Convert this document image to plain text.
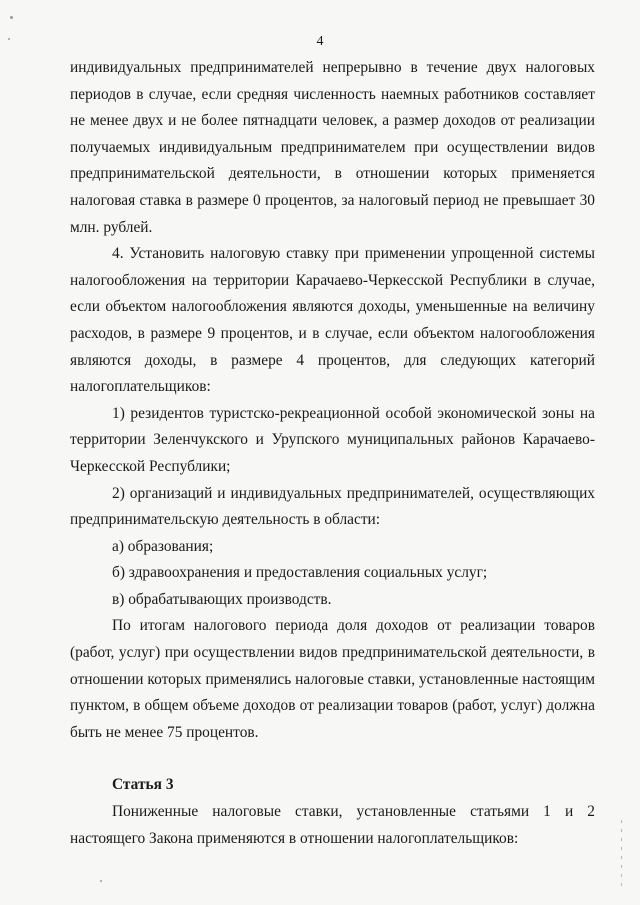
4

индивидуальных предпринимателей непрерывно в течение двух налоговых периодов в случае, если средняя численность наемных работников составляет не менее двух и не более пятнадцати человек, а размер доходов от реализации получаемых индивидуальным предпринимателем при осуществлении видов предпринимательской деятельности, в отношении которых применяется налоговая ставка в размере 0 процентов, за налоговый период не превышает 30 млн. рублей.

4. Установить налоговую ставку при применении упрощенной системы налогообложения на территории Карачаево-Черкесской Республики в случае, если объектом налогообложения являются доходы, уменьшенные на величину расходов, в размере 9 процентов, и в случае, если объектом налогообложения являются доходы, в размере 4 процентов, для следующих категорий налогоплательщиков:

1) резидентов туристско-рекреационной особой экономической зоны на территории Зеленчукского и Урупского муниципальных районов Карачаево-Черкесской Республики;

2) организаций и индивидуальных предпринимателей, осуществляющих предпринимательскую деятельность в области:

а) образования;

б) здравоохранения и предоставления социальных услуг;

в) обрабатывающих производств.

По итогам налогового периода доля доходов от реализации товаров (работ, услуг) при осуществлении видов предпринимательской деятельности, в отношении которых применялись налоговые ставки, установленные настоящим пунктом, в общем объеме доходов от реализации товаров (работ, услуг) должна быть не менее 75 процентов.

Статья 3

Пониженные налоговые ставки, установленные статьями 1 и 2 настоящего Закона применяются в отношении налогоплательщиков:
